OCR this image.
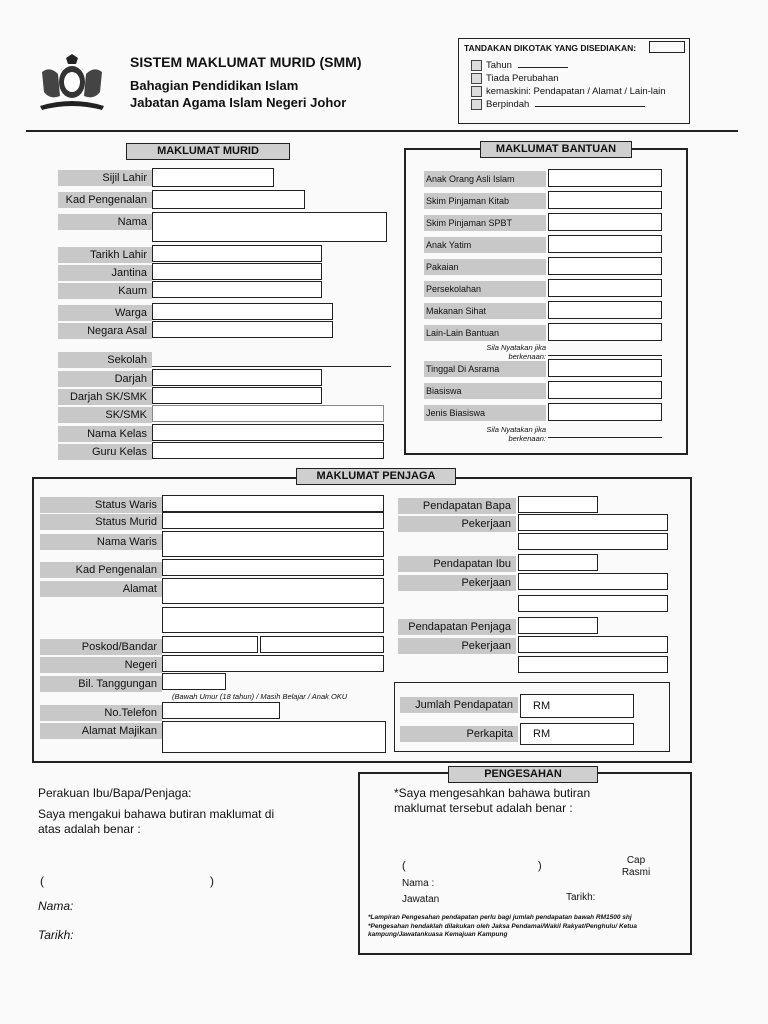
SISTEM MAKLUMAT MURID (SMM)
Bahagian Pendidikan Islam
Jabatan Agama Islam Negeri Johor
TANDAKAN DIKOTAK YANG DISEDIAKAN:
Tahun
Tiada Perubahan
kemaskini: Pendapatan / Alamat / Lain-lain
Berpindah
MAKLUMAT MURID
Sijil Lahir
Kad Pengenalan
Nama
Tarikh Lahir
Jantina
Kaum
Warga
Negara Asal
Sekolah
Darjah
Darjah SK/SMK
SK/SMK
Nama Kelas
Guru Kelas
MAKLUMAT BANTUAN
Anak Orang Asli Islam
Skim Pinjaman Kitab
Skim Pinjaman SPBT
Anak Yatim
Pakaian
Persekolahan
Makanan Sihat
Lain-Lain Bantuan
Sila Nyatakan jika berkenaan:
Tinggal Di Asrama
Biasiswa
Jenis Biasiswa
Sila Nyatakan jika berkenaan:
MAKLUMAT PENJAGA
Status Waris
Status Murid
Nama Waris
Kad Pengenalan
Alamat
Poskod/Bandar
Negeri
Bil. Tanggungan
(Bawah Umur (18 tahun) / Masih Belajar / Anak OKU
No.Telefon
Alamat Majikan
Pendapatan Bapa
Pekerjaan
Pendapatan Ibu
Pekerjaan
Pendapatan Penjaga
Pekerjaan
Jumlah Pendapatan	RM
Perkapita	RM
Perakuan Ibu/Bapa/Penjaga:
Saya mengakui bahawa butiran maklumat di atas adalah benar :
(	)
Nama:
Tarikh:
PENGESAHAN
*Saya mengesahkan bahawa butiran maklumat tersebut adalah benar :
(	)	Cap Rasmi
Nama :
Jawatan	Tarikh:
*Lampiran Pengesahan pendapatan perlu bagi jumlah pendapatan bawah RM1500 shj
*Pengesahan hendaklah dilakukan oleh Jaksa Pendamai/Wakil Rakyat/Penghulu/ Ketua kampung/Jawatankuasa Kemajuan Kampung
